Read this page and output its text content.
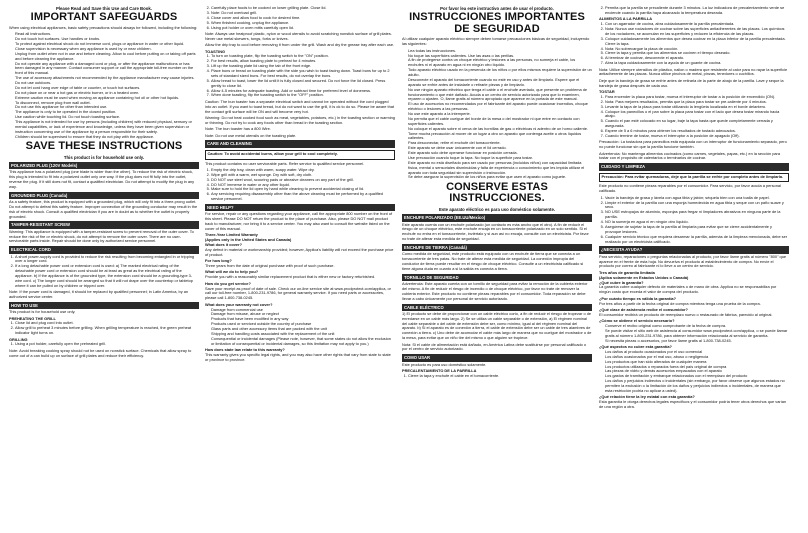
Please Read and Save this Use and Care Book.
IMPORTANT SAFEGUARDS

When using electrical appliances, basic safety precautions should always be followed, including the following:

• Read all instructions.
• Do not touch hot surfaces. Use handles or knobs.
• To protect against electrical shock do not immerse cord, plugs or appliance in water or other liquid.
• Close supervision is necessary when any appliance is used by or near children.
• Unplug from outlet when not in use and before cleaning. Allow to cool before putting on or taking off parts and before cleaning the appliance.
• Do not operate any appliance with a damaged cord or plug, or after the appliance malfunctions or has been damaged in any manner. Contact consumer support or call the appropriate toll-free number on the front of this manual.
• The use of accessory attachments not recommended by the appliance manufacturer may cause injuries.
• Do not use outdoors.
• Do not let cord hang over edge of table or counter, or touch hot surfaces.
• Do not place on or near a hot gas or electric burner, or in a heated oven.
• Extreme caution must be used when moving an appliance containing hot oil or other hot liquids.
• To disconnect, remove plug from wall outlet.
• Do not use this appliance for other than intended use.
• The appliance is only to be operated in the closed position.
• Use caution while touching lid. Do not touch toasting surface.
• This appliance is not intended for use by persons (including children) with reduced physical, sensory or mental capabilities, or lack of experience and knowledge, unless they have been given supervision or instruction concerning use of the appliance by a person responsible for their safety.
• Children should be supervised to ensure that they do not play with the appliance.
SAVE THESE INSTRUCTIONS
This product is for household use only.
POLARIZED PLUG (120V Models)

This appliance has a polarized plug (one blade is wider than the other). To reduce the risk of electric shock, this plug is intended to fit into a polarized outlet only one way. If the plug does not fit fully into the outlet, reverse the plug. If it still does not fit, contact a qualified electrician. Do not attempt to modify the plug in any way.

GROUNDED PLUG (Canada)

As a safety feature, this product is equipped with a grounded plug, which will only fit into a three-prong outlet. Do not attempt to defeat this safety feature. Improper connection of the grounding conductor may result in the risk of electric shock. Consult a qualified electrician if you are in doubt as to whether the outlet is properly grounded.

TAMPER-RESISTANT SCREW

Warning: This appliance is equipped with a tamper-resistant screw to prevent removal of the outer cover. To reduce the risk of fire or electric shock, do not attempt to remove the outer cover. There are no user-serviceable parts inside. Repair should be done only by authorized service personnel.

ELECTRICAL CORD
1. A short power-supply cord is provided to reduce the risk resulting from becoming entangled in or tripping over a longer cord.
2. If a long detachable power cord or extension cord is used: a) The marked electrical rating of the detachable power cord or extension cord should be at least as great as the electrical rating of the appliance. b) If the appliance is of the grounded type, the extension cord should be a grounding-type 3-wire cord. c) The longer cord should be arranged so that it will not drape over the countertop or tabletop where it can be pulled on by children or tripped over.

Note: If the power cord is damaged, it should be replaced by qualified personnel; in Latin America, by an authorized service center.

HOW TO USE

This product is for household use only.

PREHEATING THE GRILL
1. Close lid and plug cord into outlet.
2. Allow grill to preheat 3 minutes before grilling. When grilling temperature is reached, the green preheat indicator light turns on.
GRILLING
1. Using a pot holder, carefully open the preheated grill.

Note: Avoid breaking cooking spray should not be used on nonstick surface. Chemicals that allow spray to come out of a can build up on surface of grill plates and reduce their efficiency.

2. Carefully place foods to be cooked on lower grilling plate. Close lid.
3. Note: Do not overload grill.
4. Close cover and allow food to cook for desired time.
5. When finished cooking, unplug the appliance.
6. Using pot holder or oven mitts carefully open lid.

Note: Always use heatproof plastic, nylon or wood utensils to avoid scratching nonstick surface of grill plates. Never use metal skewers, tongs, forks or knives.

Allow the drip tray to cool before removing it from under the grill. Wash and dry the grease tray after each use.

TOASTING
1. To turn on toasting plate, flip the toasting switch to the "ON" position.
2. For best results, allow toasting plate to preheat for 4 minutes.
3. Lift up the toasting plate lid using the tab of the front edge.
4. Place buns or bread on toasting plate with the side you wish to toast facing down. Toast buns for up to 2 sets of standard sized buns. For best results, do not overlap the buns.
5. Allow bread to toast, lower the lid until it is fully closed and secured. Do not force the lid closed. Press gently to close lid.
6. Allow 4-5 minutes for adequate toasting. Add or subtract time for preferred level of doneness.
7. When done toasting, flip the toasting switch to the "OFF" position.

Caution: The bun toaster has a separate electrical switch and cannot be operated without the cord plugged into an outlet. If you want to toast bread, but do not want to use the grill, it is ok to do so. Please be aware that the contact grill surface will be ON and will become very hot.

Warning: Do not heat cooked food such as meat, vegetables, potatoes, etc.) in the toasting section or warming or thinning. Do not try to cook any foods other than bread in the toasting section.

Note: The bun toaster has a 800 Wire.

Note: Do not use metal utensils on the toasting plate.

CARE AND CLEANING
Caution: To avoid accidental burns, allow your grill to cool completely.

This product contains no user serviceable parts. Refer service to qualified service personnel.

1. Empty the drip tray, clean with warm, soapy water. Wipe dry.
2. Wipe grill with a warm, wet sponge. Dry with soft, dry cloth.
3. DO NOT use steel wool, scouring pads or abrasive cleaners on any part of the grill.
4. DO NOT immerse in water or any other liquid.
5. Make sure to hold the lid open by hand while cleaning to prevent accidental closing of lid.
6. Any servicing requiring disassembly other than the above cleaning must be performed by a qualified service personnel.
NEED HELP?

For service, repair or any questions regarding your appliance, call the appropriate 800 number on the front of this sheet. Please DO NOT return the product to the place of purchase. Also, please DO NOT mail product back to manufacturer, nor bring it to a service center. You may also want to consult the website listed on the cover of this manual.

Three-Year Limited Warranty
(Applies only in the United States and Canada)
What does it cover?

Any defect in material or workmanship provided; however, Applica's liability will not exceed the purchase price of product.

For how long?

Three years from the date of original purchase with proof of such purchase.

What will we do to help you?

Provide you with a reasonably similar replacement product that is either new or factory refurbished.

How do you get service?

Save your receipt as proof of date of sale. Check our on-line service site at www.prodprotect.com/applica, or call our toll-free number, 1-800-231-9786, for general warranty service. If you need parts or accessories, please call 1-800-738-0245.

What does your warranty not cover?
• Damage from commercial use
• Damage from misuse, abuse or neglect
• Products that have been modified in any way
• Products used or serviced outside the country of purchase
• Glass parts and other accessory items that are packed with the unit
• Shipping and handling costs associated with the replacement of the unit
• Consequential or incidental damages (Please note, however, that some states do not allow the exclusion or limitation of consequential or incidental damages, so this limitation may not apply to you.)
How does state law relate to this warranty?

This warranty gives you specific legal rights, and you may also have other rights that vary from state to state or province to province.

Por favor lea este instructivo antes de usar el producto.
INSTRUCCIONES IMPORTANTES DE SEGURIDAD

Al utilizar cualquier aparato eléctrico siempre deben tomarse precauciones básicas de seguridad, incluyendo las siguientes:

• Lea todas las instrucciones.
• No toque las superficies calientes. Use las asas o las perillas.
• A fin de protegerse contra un choque eléctrico y lesiones a las personas, no sumerja el cable, los enchufes ni el aparato en agua ni en ningún otro líquido.
• Todo aparato eléctrico usado en la presencia de los niños o por ellos mismos requiere la supervisión de un adulto.
• Desconecte el aparato del tomacorriente cuando no esté en uso y antes de limpiarlo. Espere que el aparato se enfríe antes de instalarle o retirarle piezas y de limpiarlo.
• No use ningún aparato eléctrico que tenga el cable o el enchufe averiado, que presente un problema de funcionamiento o que esté dañado. Acuda a un centro de servicio autorizado para que lo examinen, reparen o ajusten. O, llame gratis al número apropiado que aparece en la portada de este manual.
• El uso de accesorios no recomendados por el fabricante del aparato puede ocasionar incendios, choque eléctrico o lesiones a las personas.
• No use este aparato a la intemperie.
• No permita que el cable cuelgue del borde de la mesa o del mostrador ni que entre en contacto con superficies calientes.
• No coloque el aparato sobre ni cerca de las hornillas de gas o eléctricas ni adentro de un horno caliente.
• Tome mucha precaución al mover de un lugar a otro un aparato que contenga aceite u otros líquidos calientes.
• Para desconectar, retire el enchufe del tomacorriente.
• Este aparato se debe usar únicamente con el lid cerrado.
• Este aparato solo debe operarse funcionar en posición cerrada.
• Use precaución cuando toque la tapa. No toque la superficie para tostar.
• Este aparato no está diseñado para ser usado por personas (incluidos niños) con capacidad limitada física, mental o sensoriales disminuidas y falta de experiencia o conocimiento que les impida utilizar el aparato con toda seguridad sin supervisión o instrucción.
• Se debe asegurar la supervisión de los niños para evitar que usen el aparato como juguete.
CONSERVE ESTAS INSTRUCCIONES.
Este aparato eléctrico es para uso doméstico solamente.
ENCHUFE POLARIZADO (EE.UU/Mexico)

Este aparato cuenta con un enchufe polarizado (un contacto es más ancho que el otro). A fin de reducir el riesgo de un choque eléctrico, este enchufe encaja en un tomacorriente polarizado en un solo sentido. Si el enchufe no entra en el tomacorriente, inviértalo y si aun así no encaja, consulte con un electricista. Por favor no trate de alterar esta medida de seguridad.

ENCHUFE DE TIERRA (Canadá)

Como medida de seguridad, este producto está equipado con un enchufe de tierra que se conecta a un tomacorriente de tres patas. No trate de alterar esta medida de seguridad. La conexión impropia del conductor de tierra puede resultar en el riesgo de choque eléctrico. Consulte a un electricista calificado si tiene alguna duda en cuanto a si la salida es conecta a tierra.

TORNILLO DE SEGURIDAD

Advertencia: Este aparato cuenta con un tornillo de seguridad para evitar la remoción de la cubierta exterior del mismo. A fin de reducir el riesgo de incendio o de choque eléctrico, por favor no trate de remover la cubierta exterior. Este producto no contiene piezas reparables por el consumidor. Toda reparación se debe llevar a cabo únicamente por personal de servicio autorizado.

CABLE ELÉCTRICO

1) El producto se debe de proporcionar con un cable eléctrico corto, a fin de reducir el riesgo de tropezar o de enredarse en un cable más largo. 2) Se se utiliza un cable separable o de extensión, a) El régimen nominal del cable separable o del cable de extensión debe ser, como mínimo, igual al del régimen nominal del aparato. b) Si el aparato es de conexión a tierra, el cable de extensión debe ser un cable de tres alambres de conexión a tierra. c) Uno debe de acomodar el cable más largo de manera que no cuelgue del mostrador o de la mesa, para evitar que un niño tire del mismo o que alguien se tropiece.

Nota: Si el cable de alimentación está dañado, en América Latina debe sustituirse por personal calificado o por el centro de servicio autorizado.

COMO USAR

Este producto es para uso doméstico solamente.

PRECALENTAMIENTO DE LA PARRILLA
1. Cierre la tapa y enchufe el cable en el tomacorriente.
2. Permita que la parrilla se precaliente durante 3 minutos. La luz indicadora de precalentamiento verde se enciende cuando la parrilla haya alcanzado la temperatura deseada.
ALIMENTOS A LA PARRILLA
1. Con un agarrador de cocina, abra cuidadosamente la parrilla precalentada.
2. Nota: Nunca use rociadores de cocinar sobre las superficies antiadherentes de las placas. Los químicos de los rociadores, se acumulan en las superficies y reducen la eficiencia de las placas.
3. Coloque cuidadosamente los alimentos que desea cocinar en la placa inferior de la parrilla precalentada. Cierre la tapa.
4. Nota: No sobrecargue la placa de cocción.
5. Cierre la tapa y permita que los alimentos se cocinen el tiempo deseado.
6. Al terminar de cocinar, desconecte el aparato.
7. Abra la tapa cuidadosamente con la ayuda de un guante de cocina.

Nota: Utilice siempre utensilios de plástico, nailon o madera que resistente al calor para no rayar la superficie antiadherente de las placas. Nunca utilice pinchos de metal, pinzas, tenedores o cuchillos.

Deje que la bandeja de grasa se enfríe antes de retirarla de la parte de abajo de la parrilla. Lave y seque la bandeja de grasa después de cada uso.

TOSTAR
1. Para encender la placa para tostar, mueva el interruptor de tostar a la posición de encendido (ON).
2. Nota: Para mejores resultados, permita que la placa para tostar se pre-caliente por 4 minutos.
3. Levante la tapa de la placa para tostar utilizando la lengüeta localizada en el borde delantero.
4. Coloque los panecillos o el pan sobre la placa para tostar con el lado que desea tostar mirando hacia abajo.
5. Cuando el pan esté colocado en su lugar, baje la tapa hasta que quede completamente cerrada y asegurada.
6. Espere de 5 a 6 minutos para obtener los resultados de tostado adecuados.
7. Cuando termine de tostar, mueva el interruptor a la posición de apagado (Off).

Precaución: La tostadora para panecillos está equipada con un interruptor de funcionamiento separado, pero no puede funcionar sin que la parrilla funcione también.

Advertencia: No mantenga alimentos cocinados (como carnes, vegetales, papas, etc.) en la sección para tostar con el propósito de calentarlos o terminarlos de cocinar.

CUIDADO Y LIMPIEZA
Precaución: Para evitar quemaduras, deje que la parrilla se enfríe por completo antes de limpiarla.

Este producto no contiene piezas reparables por el consumidor. Para servicio, por favor acuda a personal calificado.

1. Vacíe la bandeja de grasa y lávela con agua tibia y jabón; séquela bien con una toalla de papel.
2. Limpie el exterior de la parrilla con una esponja humedecida en agua tibia y seque con un paño suave y seco.
3. NO USE estropajos de aluminio, esponjas para fregar ni limpiadores abrasivos en ninguna parte de la parrilla.
4. NO la sumerja en agua ni en ningún otro líquido.
5. Asegúrese de sujetar la tapa de la parrilla al limpiarla para evitar que se cierre accidentalmente y provoque lesiones.
6. Cualquier servicio técnico que requiera desarmar la parrilla, además de la limpieza mencionada, debe ser realizado por un electricista calificado.
¿NECESITA AYUDA?

Para servicio, reparaciones o preguntas relacionadas al producto, por favor llame gratis al número "800" que aparece en el frente de esta hoja. No devuelva el producto al establecimiento de compra. No envíe el producto por correo al fabricante ni lo lleve a un centro de servicio.

Tres años de garantía limitada
(Aplica solamente en Estados Unidos o Canadá)
¿Qué cubre la garantía?

La garantía cubre cualquier defecto de materiales o de mano de obra. Applica no se responsabiliza por ningún costo que exceda el valor de compra del producto.

¿Por cuánto tiempo es válida la garantía?

Por tres años a partir de la fecha original de compra mientras tenga una prueba de la compra.

¿Qué clase de asistencia recibe el consumidor?

El consumidor recibirá un producto de reemplazo nuevo o restaurado de fábrica, parecido al original.

¿Cómo se obtiene el servicio necesario?
• Conserve el recibo original como comprobante de la fecha de compra.
• Se puede visitar el sitio web de asistencia al consumidor www.prodprotect.com/applica, o se puede llamar gratis al número 1-800-231-9786, para obtener información relacionada al servicio de garantía.
• Si necesita piezas o accesorios, por favor llame gratis al 1-800-738-0245.
¿Qué aspectos no cubre esta garantía?
• Los daños al producto ocasionados por el uso comercial
• Los daños ocasionados por el mal uso, abuso o negligencia
• Los productos que han sido alterados de cualquier manera
• Los productos utilizados o reparados fuera del país original de compra
• Las piezas de vidrio y demás accesorios empacados con el aparato
• Los gastos de tramitación y embarque relacionados con el reemplazo del producto
• Los daños y perjuicios indirectos o incidentales (sin embargo, por favor observe que algunos estados no permiten la exclusión o la limitación de los daños y perjuicios indirectos o incidentales, de manera que esta restricción podría no aplicar a usted).
¿Qué relación tiene la ley estatal con esta garantía?

Esta garantía le otorga derechos legales específicos y el consumidor podría tener otros derechos que varían de una región a otra.
